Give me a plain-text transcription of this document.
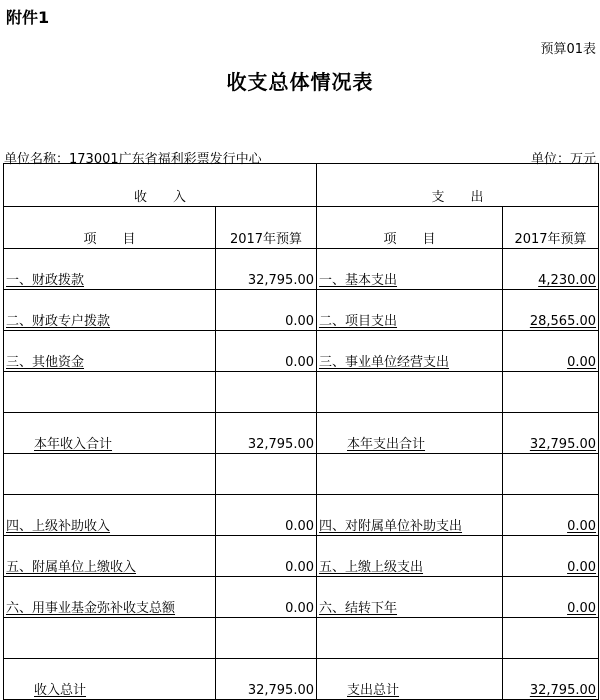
附件1
预算01表
收支总体情况表
单位名称：173001广东省福利彩票发行中心	单位：万元
收　　入		支　　出	
项　　目	2017年预算	项　　目	2017年预算
一、财政拨款	32,795.00	一、基本支出	4,230.00
二、财政专户拨款	0.00	二、项目支出	28,565.00
三、其他资金	0.00	三、事业单位经营支出	0.00

本年收入合计	32,795.00	本年支出合计	32,795.00

四、上级补助收入	0.00	四、对附属单位补助支出	0.00
五、附属单位上缴收入	0.00	五、上缴上级支出	0.00
六、用事业基金弥补收支总额	0.00	六、结转下年	0.00

收入总计	32,795.00	支出总计	32,795.00
